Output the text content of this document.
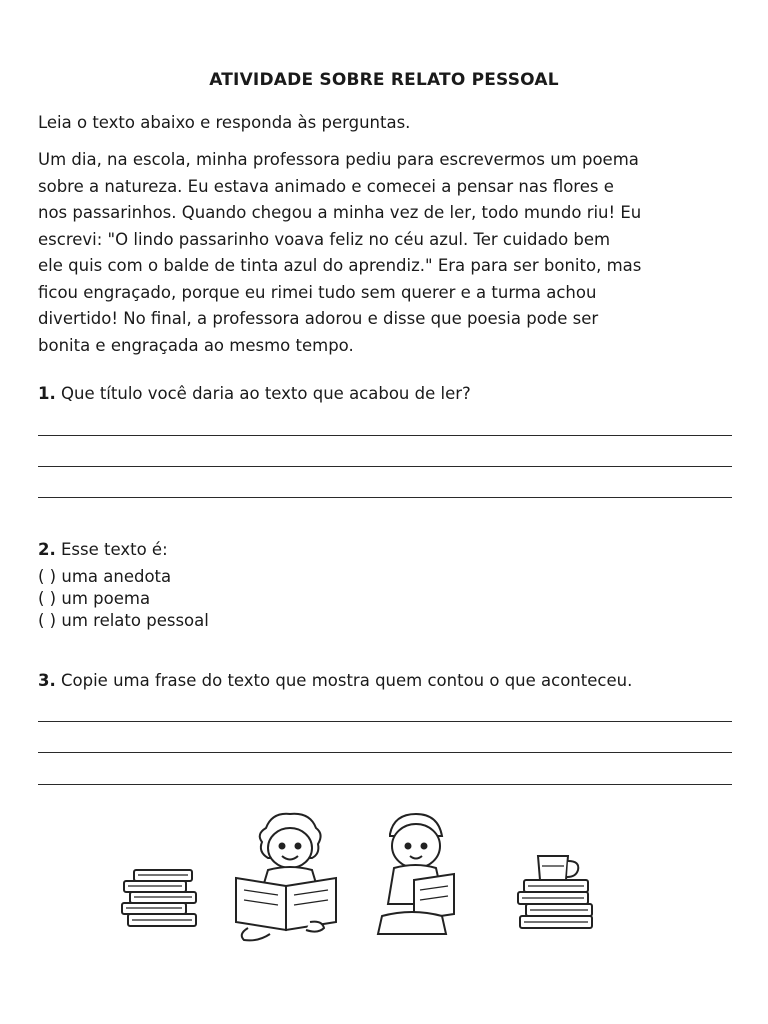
ATIVIDADE SOBRE RELATO PESSOAL
Leia o texto abaixo e responda às perguntas.
Um dia, na escola, minha professora pediu para escrevermos um poema
sobre a natureza. Eu estava animado e comecei a pensar nas flores e
nos passarinhos. Quando chegou a minha vez de ler, todo mundo riu! Eu
escrevi: "O lindo passarinho voava feliz no céu azul. Ter cuidado bem
ele quis com o balde de tinta azul do aprendiz." Era para ser bonito, mas
ficou engraçado, porque eu rimei tudo sem querer e a turma achou
divertido! No final, a professora adorou e disse que poesia pode ser
bonita e engraçada ao mesmo tempo.
1. Que título você daria ao texto que acabou de ler?
2. Esse texto é:
( ) uma anedota
( ) um poema
( ) um relato pessoal
3. Copie uma frase do texto que mostra quem contou o que aconteceu.
